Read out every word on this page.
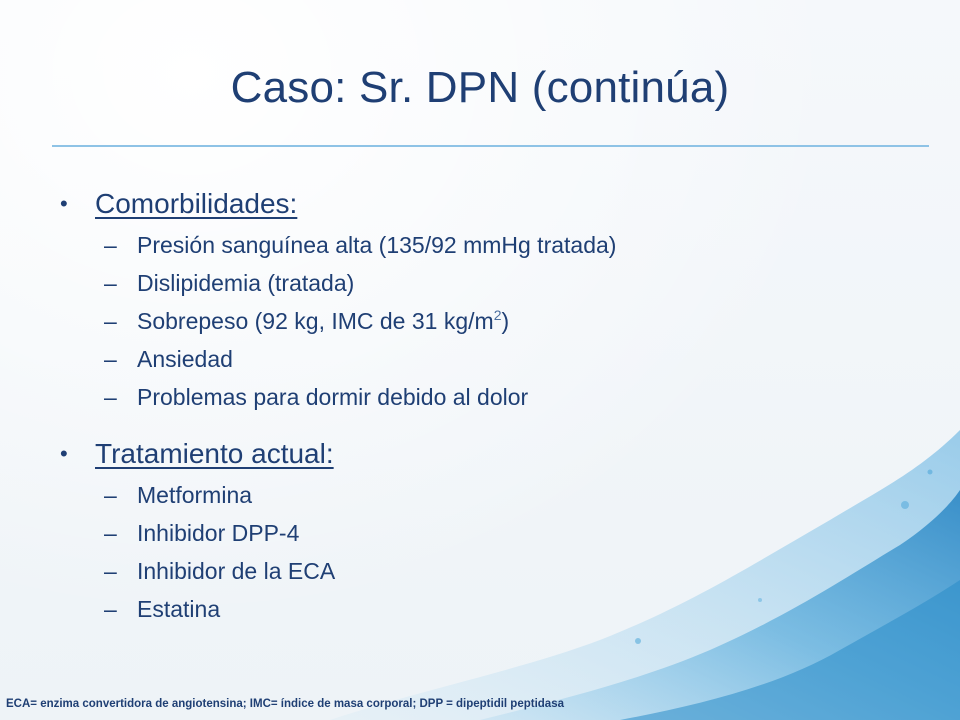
Caso: Sr. DPN (continúa)
• Comorbilidades:
– Presión sanguínea alta (135/92 mmHg tratada)
– Dislipidemia (tratada)
– Sobrepeso (92 kg, IMC de 31 $kg/m^2$)
– Ansiedad
– Problemas para dormir debido al dolor
• Tratamiento actual:
– Metformina
– Inhibidor DPP-4
– Inhibidor de la ECA
– Estatina
ECA= enzima convertidora de angiotensina; IMC= índice de masa corporal; DPP = dipeptidil peptidasa
